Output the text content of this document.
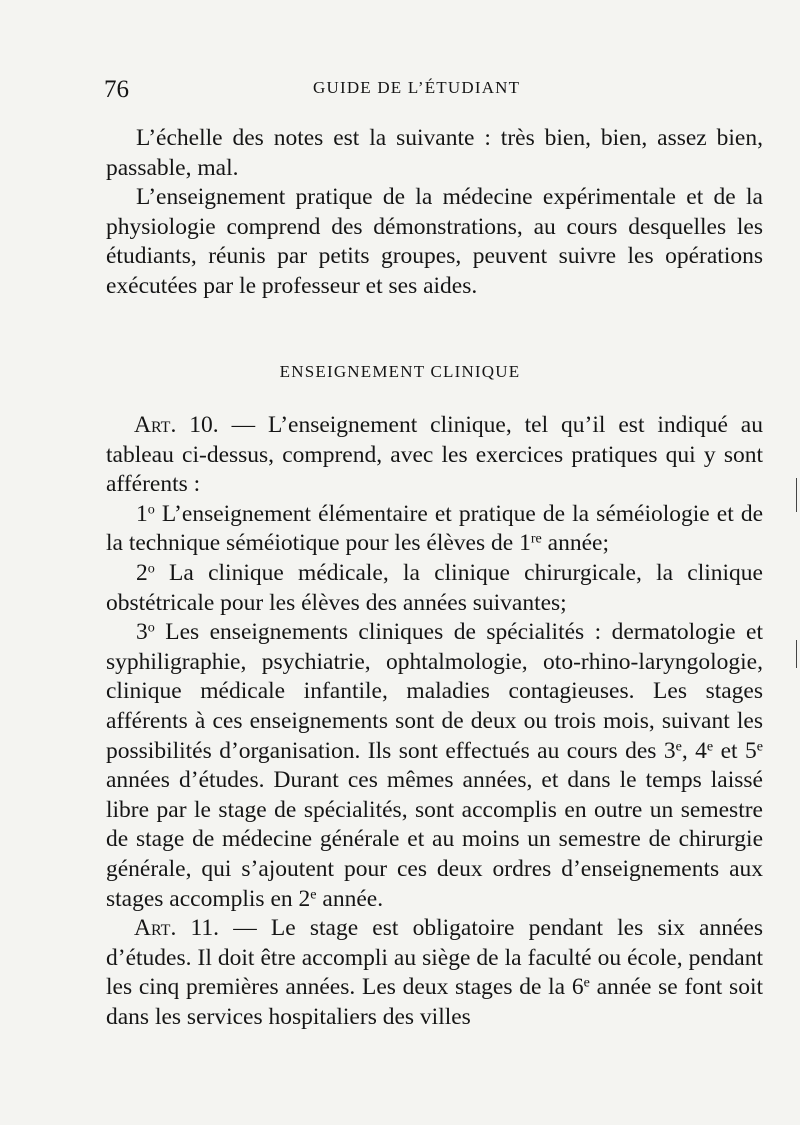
76	GUIDE DE L’ÉTUDIANT

L’échelle des notes est la suivante : très bien, bien, assez bien, passable, mal.

L’enseignement pratique de la médecine expérimentale et de la physiologie comprend des démonstrations, au cours desquelles les étudiants, réunis par petits groupes, peuvent suivre les opérations exécutées par le professeur et ses aides.

ENSEIGNEMENT CLINIQUE

Art. 10. — L’enseignement clinique, tel qu’il est indiqué au tableau ci-dessus, comprend, avec les exercices pratiques qui y sont afférents :

1$^o$ L’enseignement élémentaire et pratique de la séméiologie et de la technique séméiotique pour les élèves de 1re année;

2$^o$ La clinique médicale, la clinique chirurgicale, la clinique obstétricale pour les élèves des années suivantes;

3$^o$ Les enseignements cliniques de spécialités : dermatologie et syphiligraphie, psychiatrie, ophtalmologie, oto-rhino-laryngologie, clinique médicale infantile, maladies contagieuses. Les stages afférents à ces enseignements sont de deux ou trois mois, suivant les possibilités d’organisation. Ils sont effectués au cours des 3e, 4e et 5e années d’études. Durant ces mêmes années, et dans le temps laissé libre par le stage de spécialités, sont accomplis en outre un semestre de stage de médecine générale et au moins un semestre de chirurgie générale, qui s’ajoutent pour ces deux ordres d’enseignements aux stages accomplis en 2e année.

Art. 11. — Le stage est obligatoire pendant les six années d’études. Il doit être accompli au siège de la faculté ou école, pendant les cinq premières années. Les deux stages de la 6e année se font soit dans les services hospitaliers des villes
